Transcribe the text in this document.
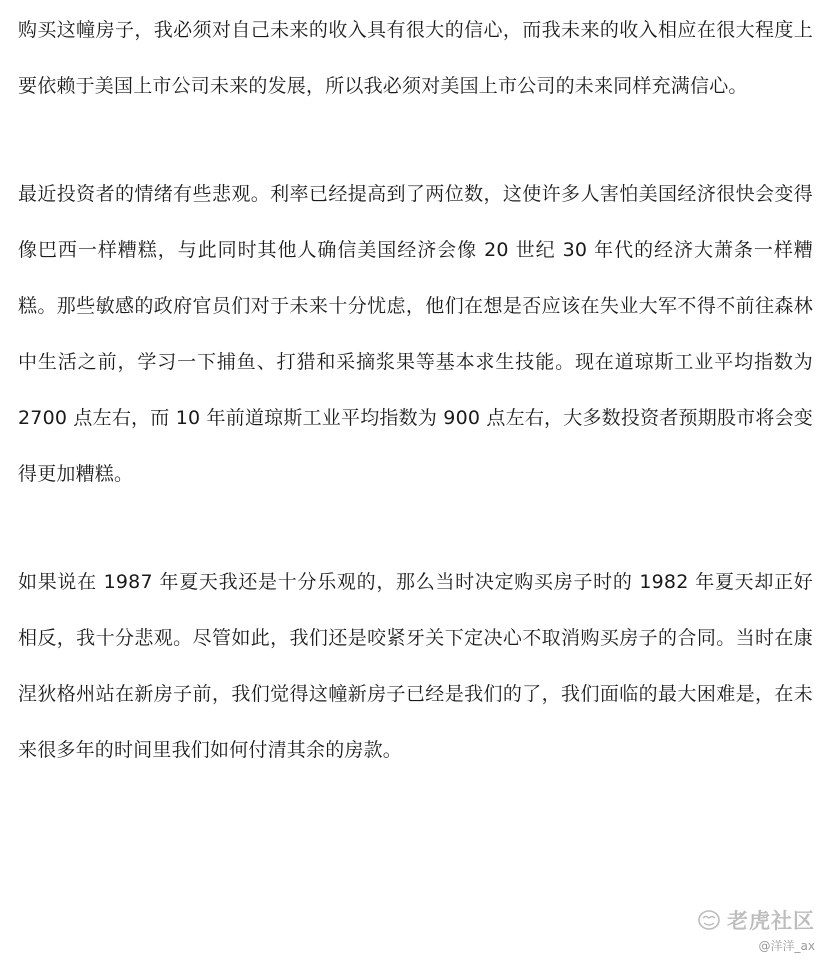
购买这幢房子，我必须对自己未来的收入具有很大的信心，而我未来的收入相应在很大程度上要依赖于美国上市公司未来的发展，所以我必须对美国上市公司的未来同样充满信心。

最近投资者的情绪有些悲观。利率已经提高到了两位数，这使许多人害怕美国经济很快会变得像巴西一样糟糕，与此同时其他人确信美国经济会像 20 世纪 30 年代的经济大萧条一样糟糕。那些敏感的政府官员们对于未来十分忧虑，他们在想是否应该在失业大军不得不前往森林中生活之前，学习一下捕鱼、打猎和采摘浆果等基本求生技能。现在道琼斯工业平均指数为 2700 点左右，而 10 年前道琼斯工业平均指数为 900 点左右，大多数投资者预期股市将会变得更加糟糕。

如果说在 1987 年夏天我还是十分乐观的，那么当时决定购买房子时的 1982 年夏天却正好相反，我十分悲观。尽管如此，我们还是咬紧牙关下定决心不取消购买房子的合同。当时在康涅狄格州站在新房子前，我们觉得这幢新房子已经是我们的了，我们面临的最大困难是，在未来很多年的时间里我们如何付清其余的房款。

老虎社区
@洋洋_ax
